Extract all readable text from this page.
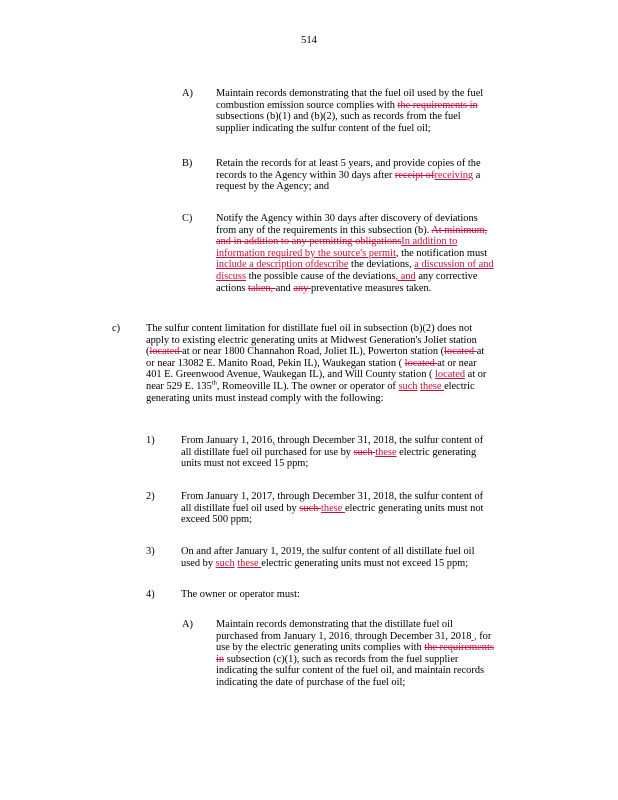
514
A) Maintain records demonstrating that the fuel oil used by the fuel
combustion emission source complies with the requirements in
subsections (b)(1) and (b)(2), such as records from the fuel
supplier indicating the sulfur content of the fuel oil;
B) Retain the records for at least 5 years, and provide copies of the
records to the Agency within 30 days after receipt ofreceiving a
request by the Agency; and
C) Notify the Agency within 30 days after discovery of deviations
from any of the requirements in this subsection (b). At minimum,
and in addition to any permitting obligationsIn addition to
information required by the source's permit, the notification must
include a description ofdescribe the deviations, a discussion of and
discuss the possible cause of the deviations, and any corrective
actions taken, and any preventative measures taken.
c) The sulfur content limitation for distillate fuel oil in subsection (b)(2) does not
apply to existing electric generating units at Midwest Generation's Joliet station
(located at or near 1800 Channahon Road, Joliet IL), Powerton station (located at
or near 13082 E. Manito Road, Pekin IL), Waukegan station ( located at or near
401 E. Greenwood Avenue, Waukegan IL), and Will County station ( located at or
near 529 E. 135th, Romeoville IL). The owner or operator of such these electric
generating units must instead comply with the following:
1)	From January 1, 2016, through December 31, 2018, the sulfur content of
all distillate fuel oil purchased for use by such these electric generating
units must not exceed 15 ppm;
2)	From January 1, 2017, through December 31, 2018, the sulfur content of
all distillate fuel oil used by such these electric generating units must not
exceed 500 ppm;
3)	On and after January 1, 2019, the sulfur content of all distillate fuel oil
used by such these electric generating units must not exceed 15 ppm;
4)	The owner or operator must:
A) Maintain records demonstrating that the distillate fuel oil
purchased from January 1, 2016, through December 31, 2018 , for
use by the electric generating units complies with the requirements
in subsection (c)(1), such as records from the fuel supplier
indicating the sulfur content of the fuel oil, and maintain records
indicating the date of purchase of the fuel oil;
